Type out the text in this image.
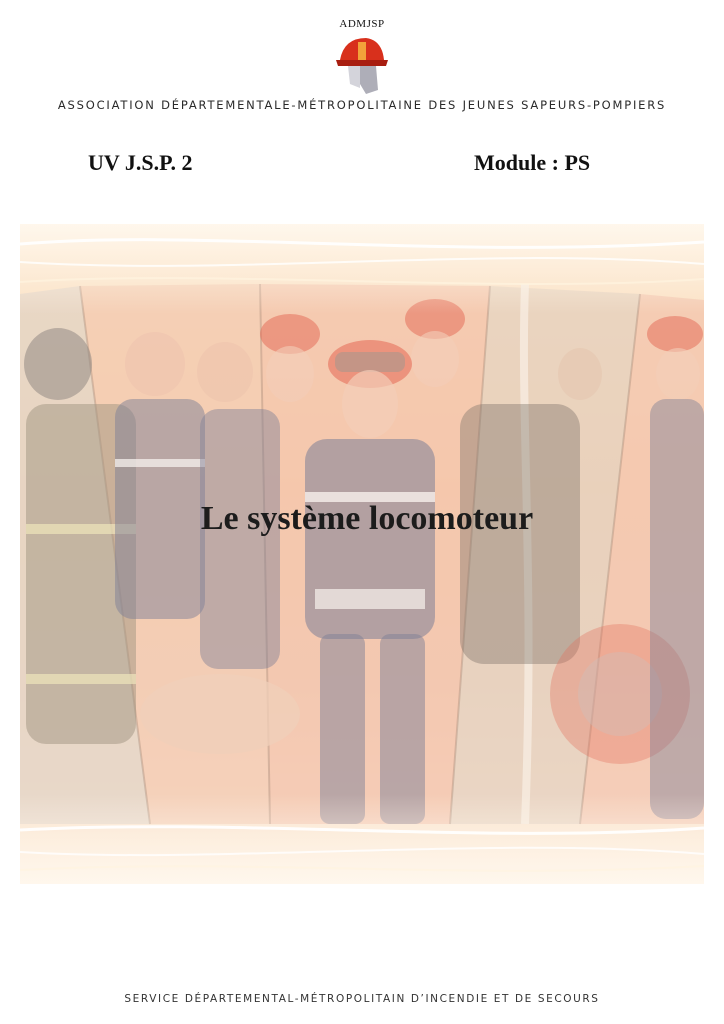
ADMJSP
ASSOCIATION DÉPARTEMENTALE-MÉTROPOLITAINE DES JEUNES SAPEURS-POMPIERS
UV J.S.P. 2	Module : PS
Le système locomoteur
SERVICE DÉPARTEMENTAL-MÉTROPOLITAIN D’INCENDIE ET DE SECOURS
